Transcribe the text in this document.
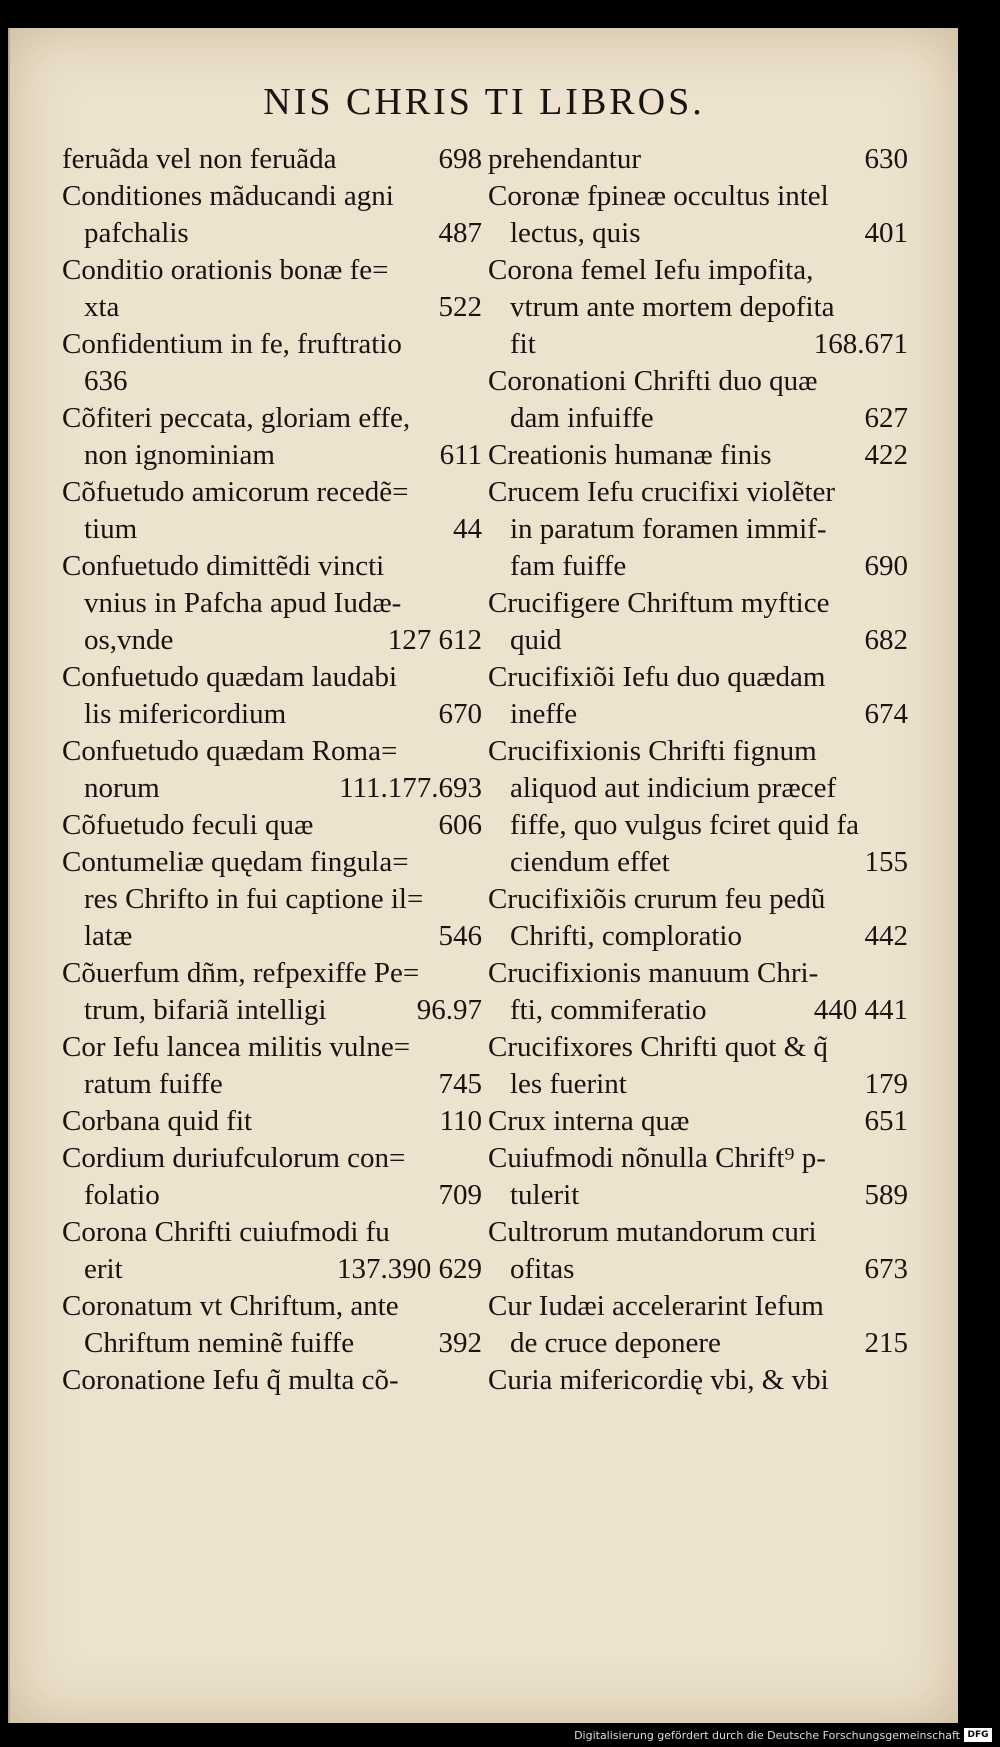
NIS CHRIS TI LIBROS.
feruãda vel non feruãda	698
Conditiones mãducandi agni
pafchalis	487
Conditio orationis bonæ fe=
xta	522
Confidentium in fe, fruftratio
636
Cõfiteri peccata, gloriam effe,
non ignominiam	611
Cõfuetudo amicorum recedẽ=
tium	44
Confuetudo dimittẽdi vincti
vnius in Pafcha apud Iudæ-
os,vnde	127 612
Confuetudo quædam laudabi
lis mifericordium	670
Confuetudo quædam Roma=
norum	111.177.693
Cõfuetudo feculi quæ	606
Contumeliæ quędam fingula=
res Chrifto in fui captione il=
latæ	546
Cõuerfum dñm, refpexiffe Pe=
trum, bifariã intelligi	96.97
Cor Iefu lancea militis vulne=
ratum fuiffe	745
Corbana quid fit	110
Cordium duriufculorum con=
folatio	709
Corona Chrifti cuiufmodi fu
erit	137.390 629
Coronatum vt Chriftum, ante
Chriftum neminẽ fuiffe	392
Coronatione Iefu q̃ multa cõ-
prehendantur	630
Coronæ fpineæ occultus intel
lectus, quis	401
Corona femel Iefu impofita,
vtrum ante mortem depofita
fit	168.671
Coronationi Chrifti duo quæ
dam infuiffe	627
Creationis humanæ finis	422
Crucem Iefu crucifixi violẽter
in paratum foramen immif-
fam fuiffe	690
Crucifigere Chriftum myftice
quid	682
Crucifixiõi Iefu duo quædam
ineffe	674
Crucifixionis Chrifti fignum
aliquod aut indicium præcef
fiffe, quo vulgus fciret quid fa
ciendum effet	155
Crucifixiõis crurum feu pedũ
Chrifti, comploratio	442
Crucifixionis manuum Chri-
fti, commiferatio	440 441
Crucifixores Chrifti quot & q̃
les fuerint	179
Crux interna quæ	651
Cuiufmodi nõnulla Chrift⁹ p-
tulerit	589
Cultrorum mutandorum curi
ofitas	673
Cur Iudæi accelerarint Iefum
de cruce deponere	215
Curia mifericordię vbi, & vbi
Digitalisierung gefördert durch die Deutsche Forschungsgemeinschaft DFG
